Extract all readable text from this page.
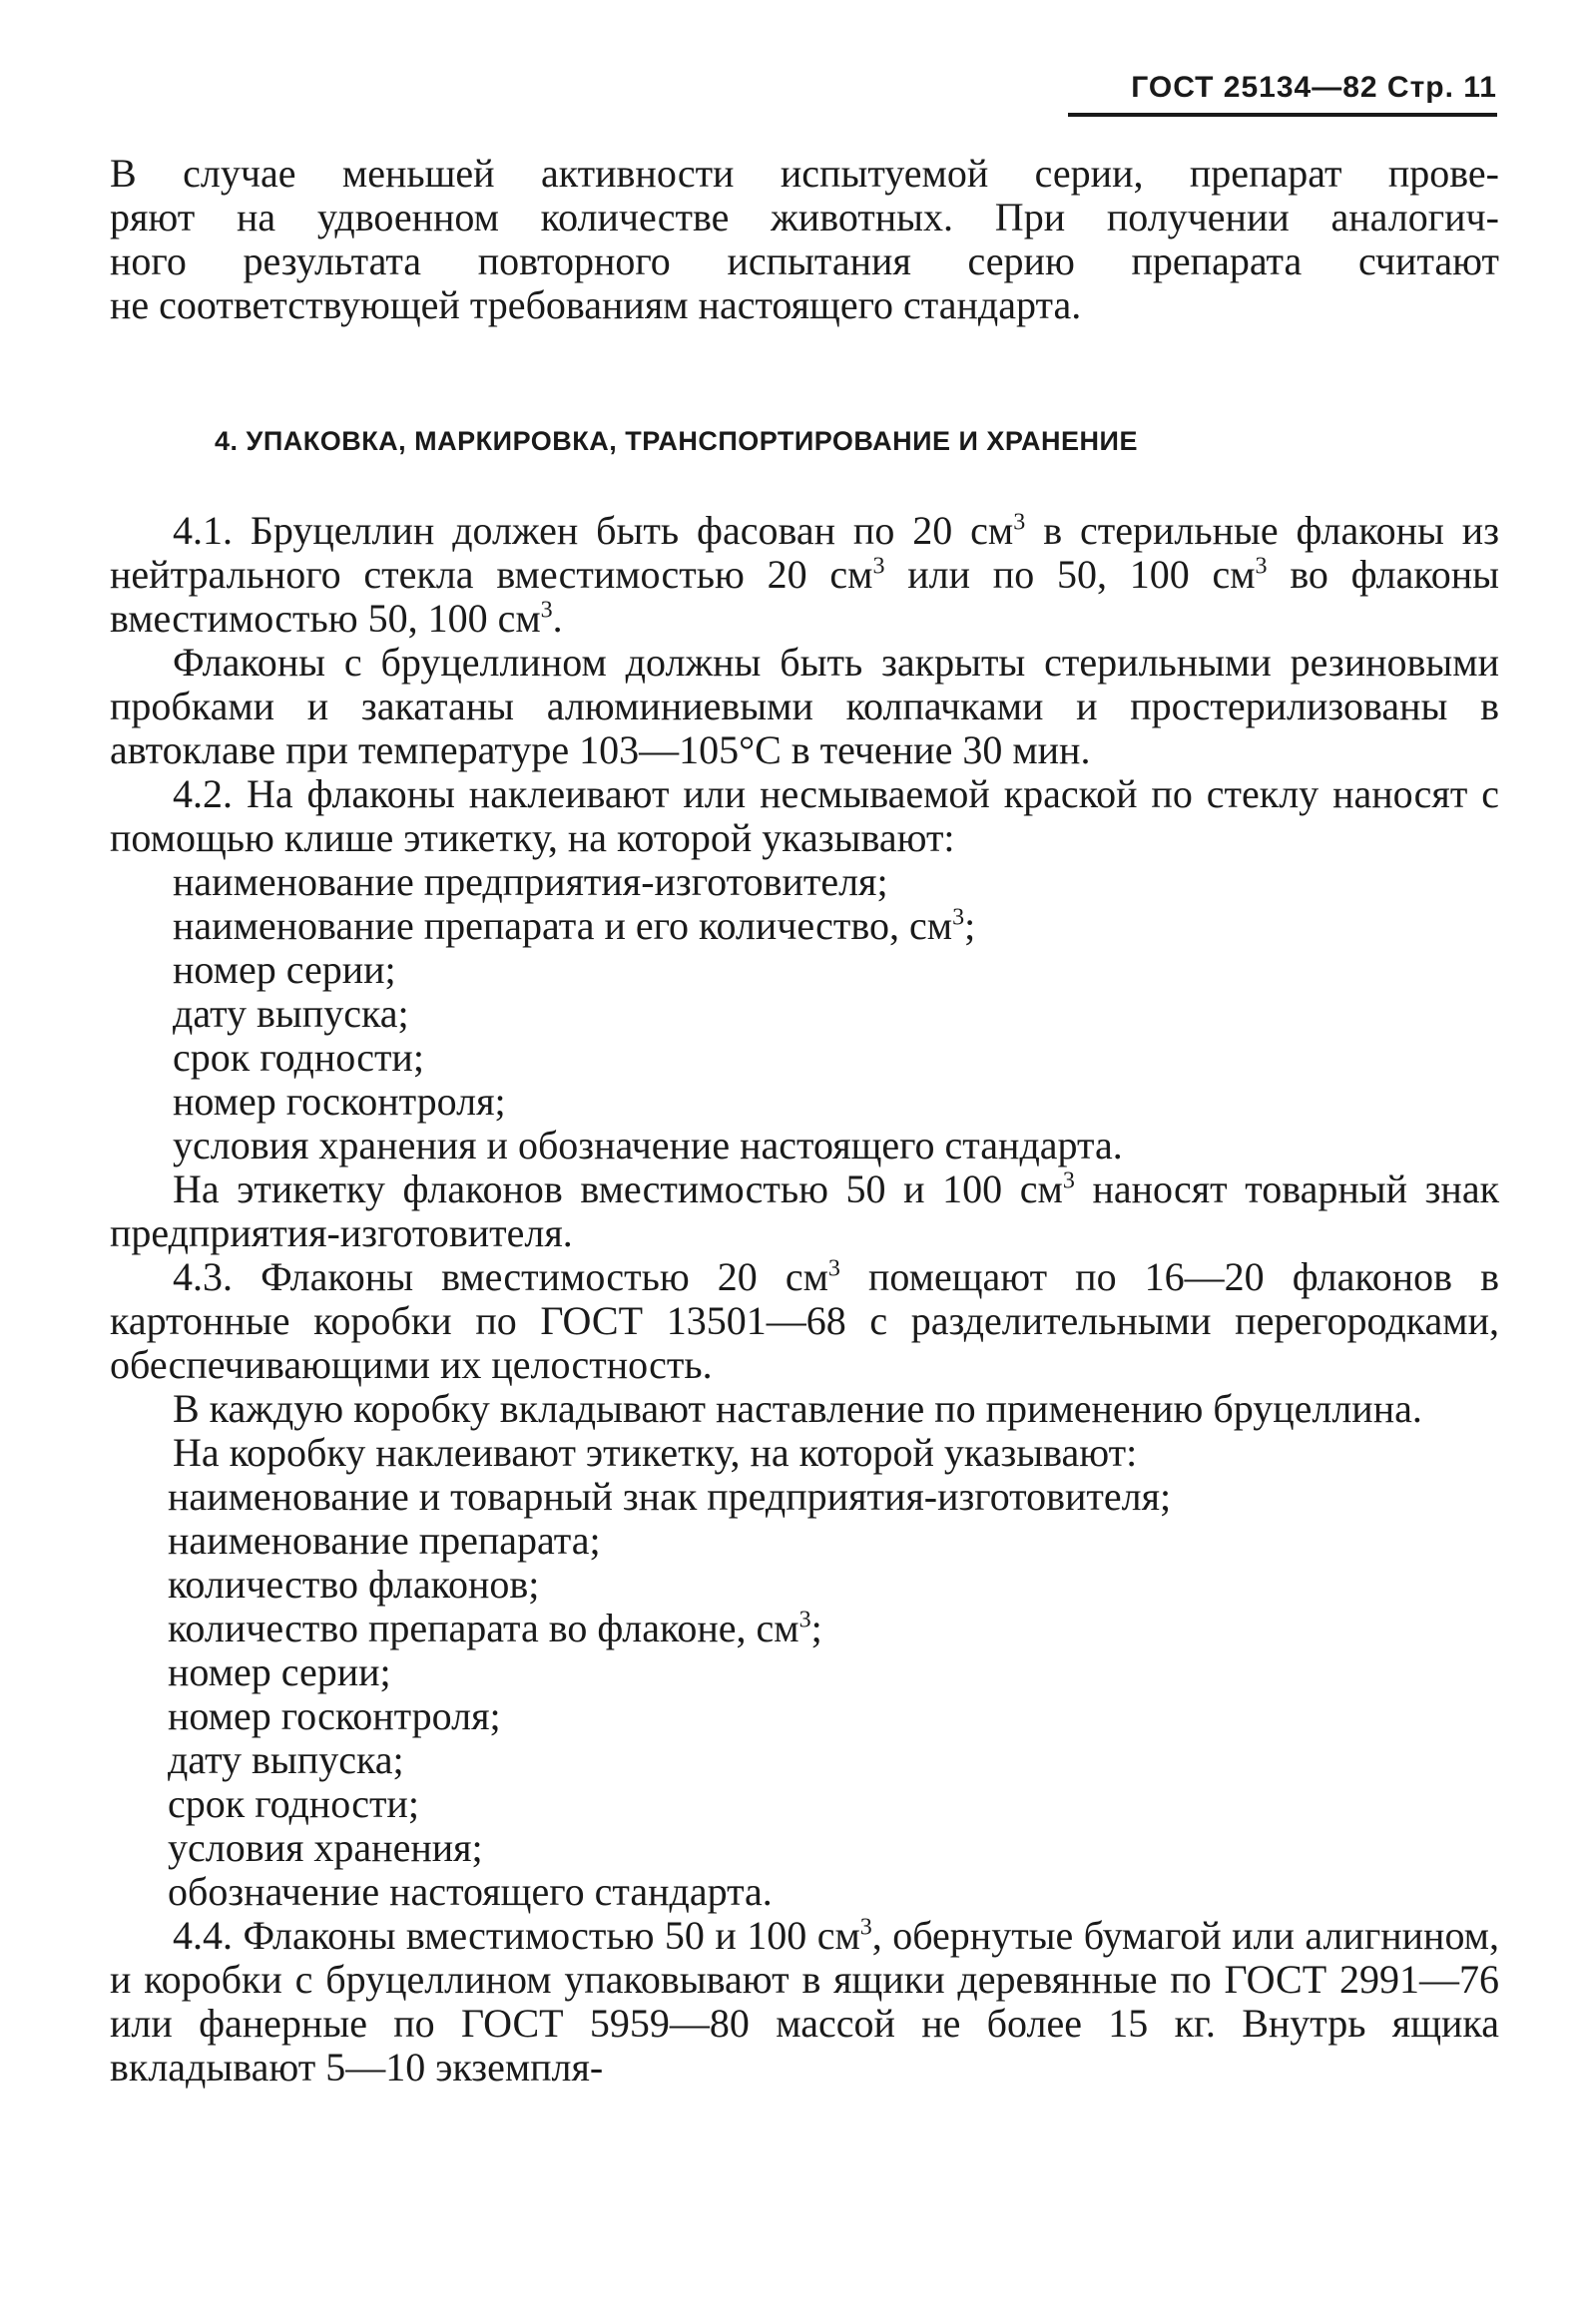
ГОСТ 25134—82 Стр. 11
В случае меньшей активности испытуемой серии, препарат прове-
ряют на удвоенном количестве животных. При получении аналогич-
ного результата повторного испытания серию препарата считают
не соответствующей требованиям настоящего стандарта.
4. УПАКОВКА, МАРКИРОВКА, ТРАНСПОРТИРОВАНИЕ И ХРАНЕНИЕ
4.1. Бруцеллин должен быть фасован по 20 $см^3$ в стерильные флаконы из нейтрального стекла вместимостью 20 $см^3$ или по 50, 100 $см^3$ во флаконы вместимостью 50, 100 $см^3$.
Флаконы с бруцеллином должны быть закрыты стерильными резиновыми пробками и закатаны алюминиевыми колпачками и простерилизованы в автоклаве при температуре 103—105°С в течение 30 мин.
4.2. На флаконы наклеивают или несмываемой краской по стеклу наносят с помощью клише этикетку, на которой указывают:
наименование предприятия-изготовителя;
наименование препарата и его количество, $см^3$;
номер серии;
дату выпуска;
срок годности;
номер госконтроля;
условия хранения и обозначение настоящего стандарта.
На этикетку флаконов вместимостью 50 и 100 $см^3$ наносят товарный знак предприятия-изготовителя.
4.3. Флаконы вместимостью 20 $см^3$ помещают по 16—20 флаконов в картонные коробки по ГОСТ 13501—68 с разделительными перегородками, обеспечивающими их целостность.
В каждую коробку вкладывают наставление по применению бруцеллина.
На коробку наклеивают этикетку, на которой указывают:
наименование и товарный знак предприятия-изготовителя;
наименование препарата;
количество флаконов;
количество препарата во флаконе, $см^3$;
номер серии;
номер госконтроля;
дату выпуска;
срок годности;
условия хранения;
обозначение настоящего стандарта.
4.4. Флаконы вместимостью 50 и 100 $см^3$, обернутые бумагой или алигнином, и коробки с бруцеллином упаковывают в ящики деревянные по ГОСТ 2991—76 или фанерные по ГОСТ 5959—80 массой не более 15 кг. Внутрь ящика вкладывают 5—10 экземпля-
